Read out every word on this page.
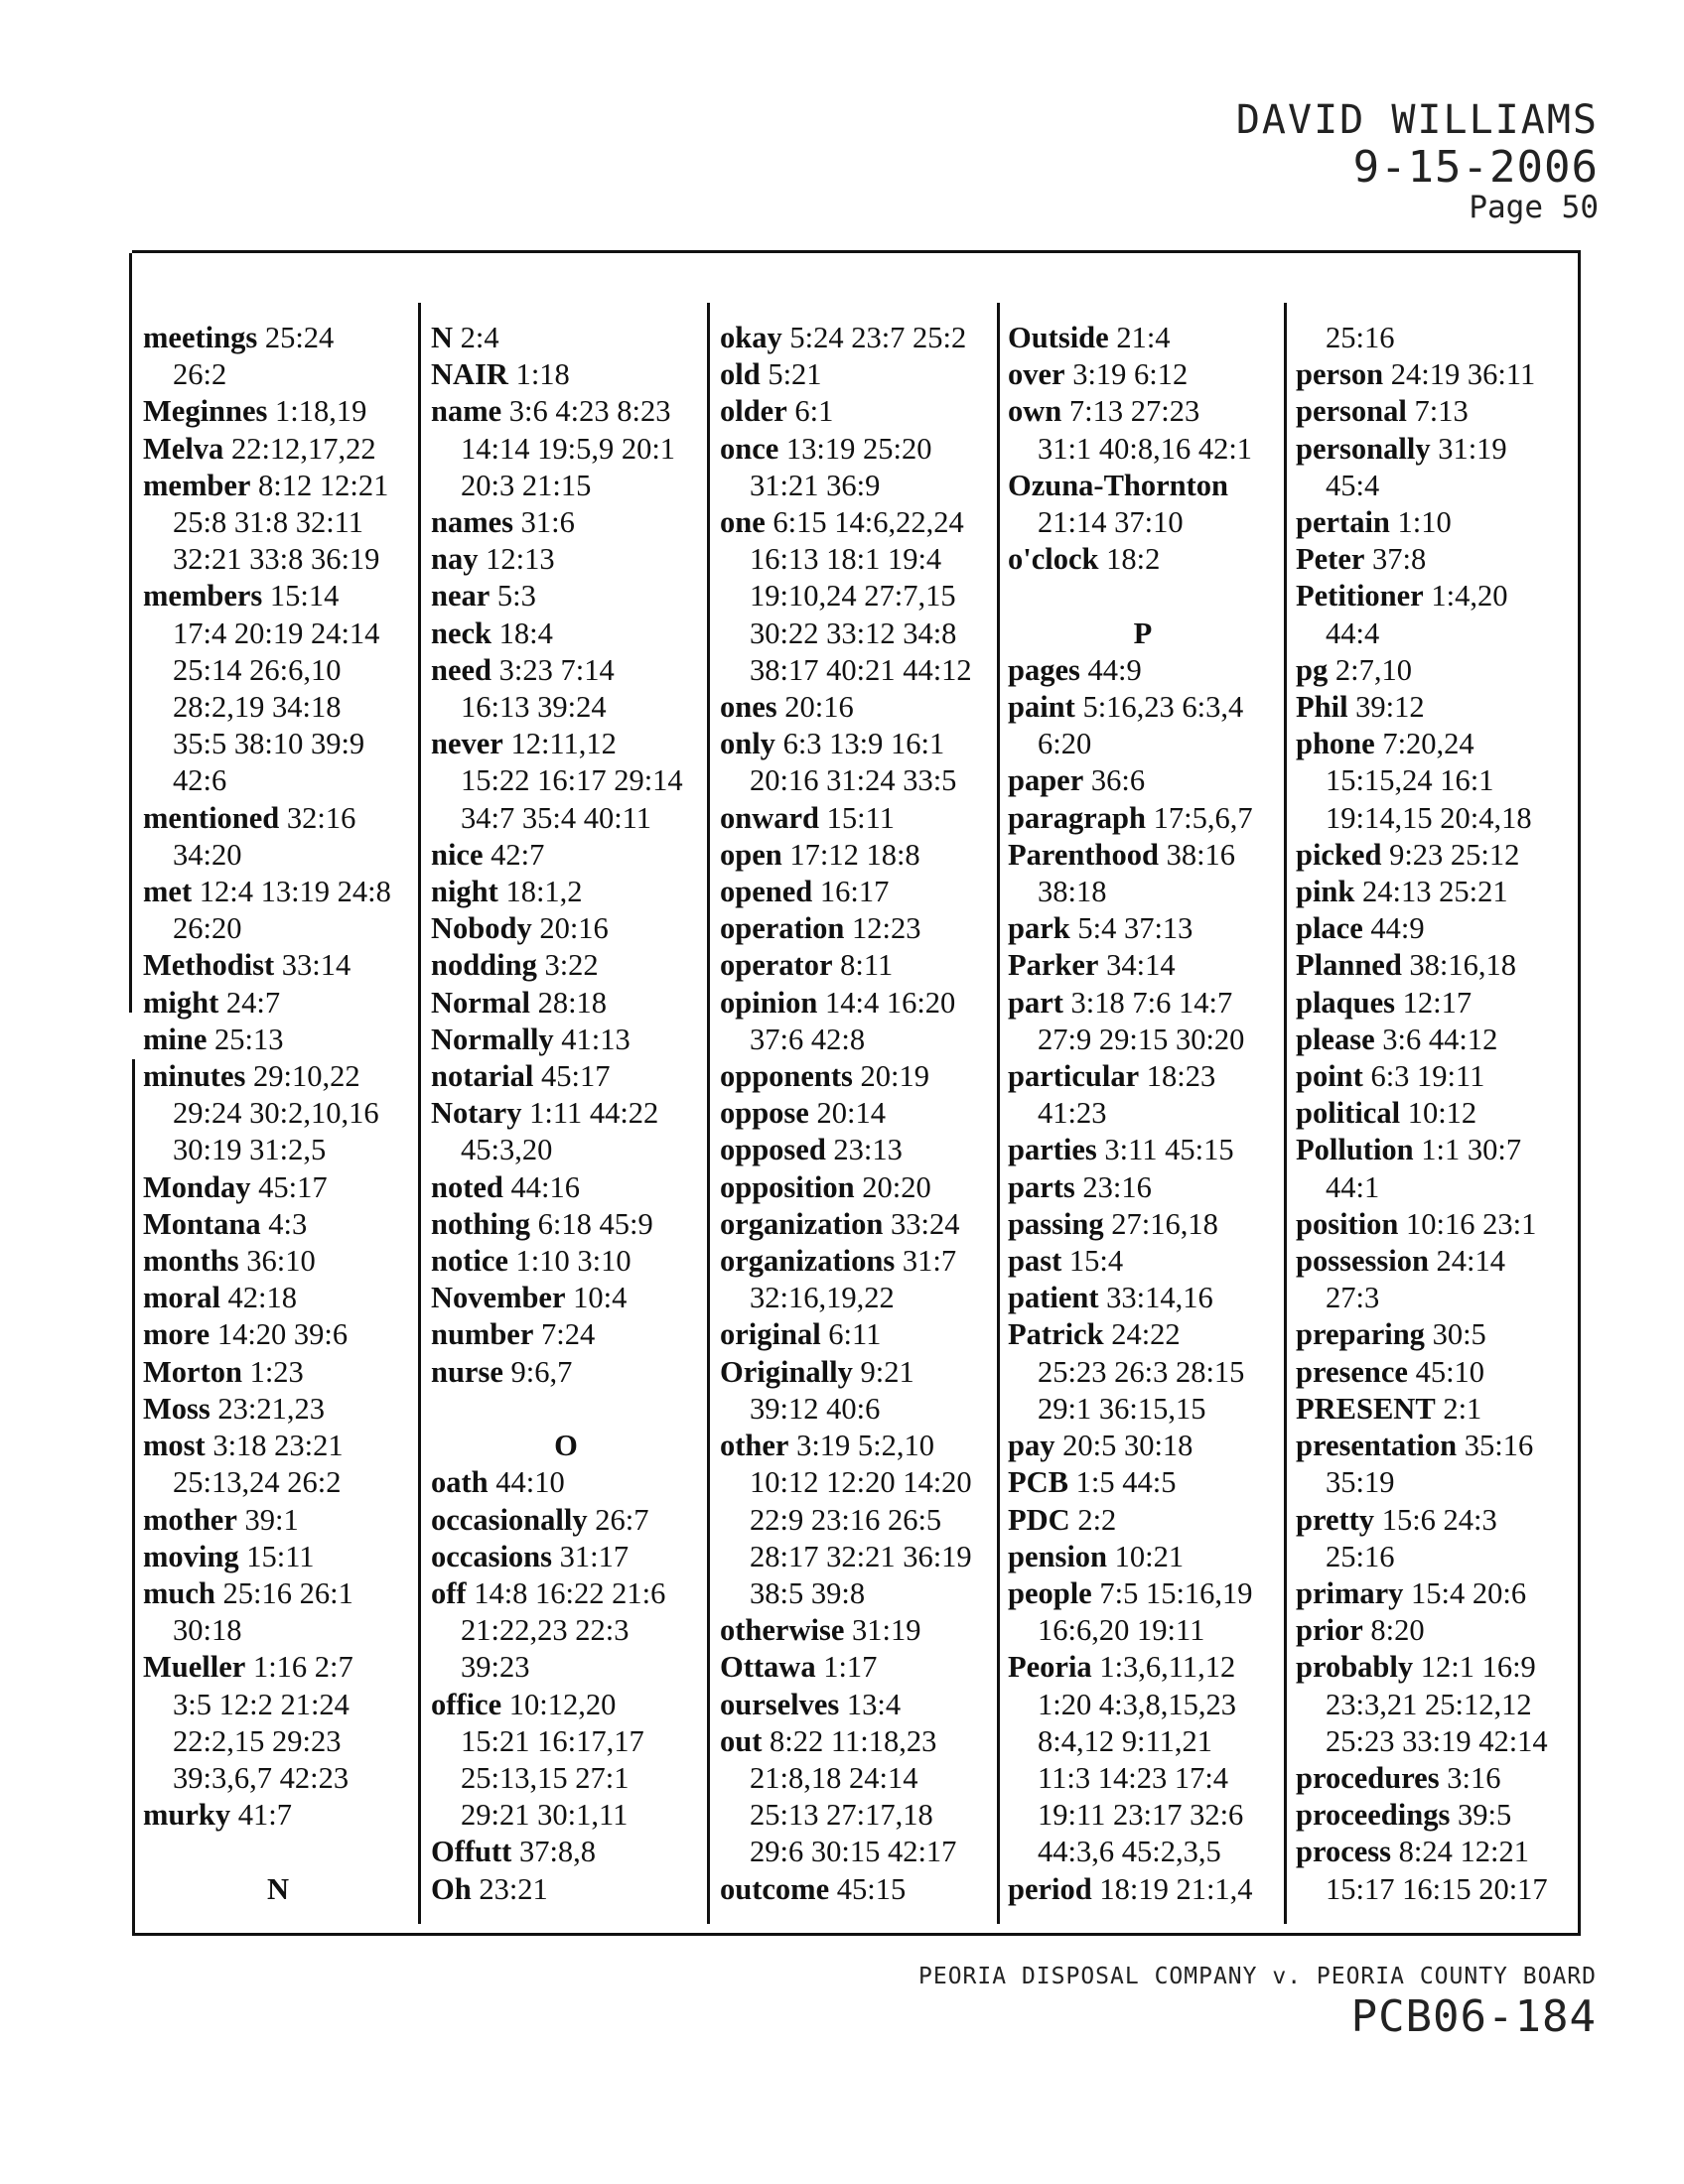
DAVID WILLIAMS
9-15-2006
Page 50
meetings 25:24
26:2
Meginnes 1:18,19
Melva 22:12,17,22
member 8:12 12:21
25:8 31:8 32:11
32:21 33:8 36:19
members 15:14
17:4 20:19 24:14
25:14 26:6,10
28:2,19 34:18
35:5 38:10 39:9
42:6
mentioned 32:16
34:20
met 12:4 13:19 24:8
26:20
Methodist 33:14
might 24:7
mine 25:13
minutes 29:10,22
29:24 30:2,10,16
30:19 31:2,5
Monday 45:17
Montana 4:3
months 36:10
moral 42:18
more 14:20 39:6
Morton 1:23
Moss 23:21,23
most 3:18 23:21
25:13,24 26:2
mother 39:1
moving 15:11
much 25:16 26:1
30:18
Mueller 1:16 2:7
3:5 12:2 21:24
22:2,15 29:23
39:3,6,7 42:23
murky 41:7

N
N 2:4
NAIR 1:18
name 3:6 4:23 8:23
14:14 19:5,9 20:1
20:3 21:15
names 31:6
nay 12:13
near 5:3
neck 18:4
need 3:23 7:14
16:13 39:24
never 12:11,12
15:22 16:17 29:14
34:7 35:4 40:11
nice 42:7
night 18:1,2
Nobody 20:16
nodding 3:22
Normal 28:18
Normally 41:13
notarial 45:17
Notary 1:11 44:22
45:3,20
noted 44:16
nothing 6:18 45:9
notice 1:10 3:10
November 10:4
number 7:24
nurse 9:6,7

O
oath 44:10
occasionally 26:7
occasions 31:17
off 14:8 16:22 21:6
21:22,23 22:3
39:23
office 10:12,20
15:21 16:17,17
25:13,15 27:1
29:21 30:1,11
Offutt 37:8,8
Oh 23:21
okay 5:24 23:7 25:2
old 5:21
older 6:1
once 13:19 25:20
31:21 36:9
one 6:15 14:6,22,24
16:13 18:1 19:4
19:10,24 27:7,15
30:22 33:12 34:8
38:17 40:21 44:12
ones 20:16
only 6:3 13:9 16:1
20:16 31:24 33:5
onward 15:11
open 17:12 18:8
opened 16:17
operation 12:23
operator 8:11
opinion 14:4 16:20
37:6 42:8
opponents 20:19
oppose 20:14
opposed 23:13
opposition 20:20
organization 33:24
organizations 31:7
32:16,19,22
original 6:11
Originally 9:21
39:12 40:6
other 3:19 5:2,10
10:12 12:20 14:20
22:9 23:16 26:5
28:17 32:21 36:19
38:5 39:8
otherwise 31:19
Ottawa 1:17
ourselves 13:4
out 8:22 11:18,23
21:8,18 24:14
25:13 27:17,18
29:6 30:15 42:17
outcome 45:15
Outside 21:4
over 3:19 6:12
own 7:13 27:23
31:1 40:8,16 42:1
Ozuna-Thornton
21:14 37:10
o'clock 18:2

P
pages 44:9
paint 5:16,23 6:3,4
6:20
paper 36:6
paragraph 17:5,6,7
Parenthood 38:16
38:18
park 5:4 37:13
Parker 34:14
part 3:18 7:6 14:7
27:9 29:15 30:20
particular 18:23
41:23
parties 3:11 45:15
parts 23:16
passing 27:16,18
past 15:4
patient 33:14,16
Patrick 24:22
25:23 26:3 28:15
29:1 36:15,15
pay 20:5 30:18
PCB 1:5 44:5
PDC 2:2
pension 10:21
people 7:5 15:16,19
16:6,20 19:11
Peoria 1:3,6,11,12
1:20 4:3,8,15,23
8:4,12 9:11,21
11:3 14:23 17:4
19:11 23:17 32:6
44:3,6 45:2,3,5
period 18:19 21:1,4
25:16
person 24:19 36:11
personal 7:13
personally 31:19
45:4
pertain 1:10
Peter 37:8
Petitioner 1:4,20
44:4
pg 2:7,10
Phil 39:12
phone 7:20,24
15:15,24 16:1
19:14,15 20:4,18
picked 9:23 25:12
pink 24:13 25:21
place 44:9
Planned 38:16,18
plaques 12:17
please 3:6 44:12
point 6:3 19:11
political 10:12
Pollution 1:1 30:7
44:1
position 10:16 23:1
possession 24:14
27:3
preparing 30:5
presence 45:10
PRESENT 2:1
presentation 35:16
35:19
pretty 15:6 24:3
25:16
primary 15:4 20:6
prior 8:20
probably 12:1 16:9
23:3,21 25:12,12
25:23 33:19 42:14
procedures 3:16
proceedings 39:5
process 8:24 12:21
15:17 16:15 20:17
PEORIA DISPOSAL COMPANY v. PEORIA COUNTY BOARD
PCB06-184
